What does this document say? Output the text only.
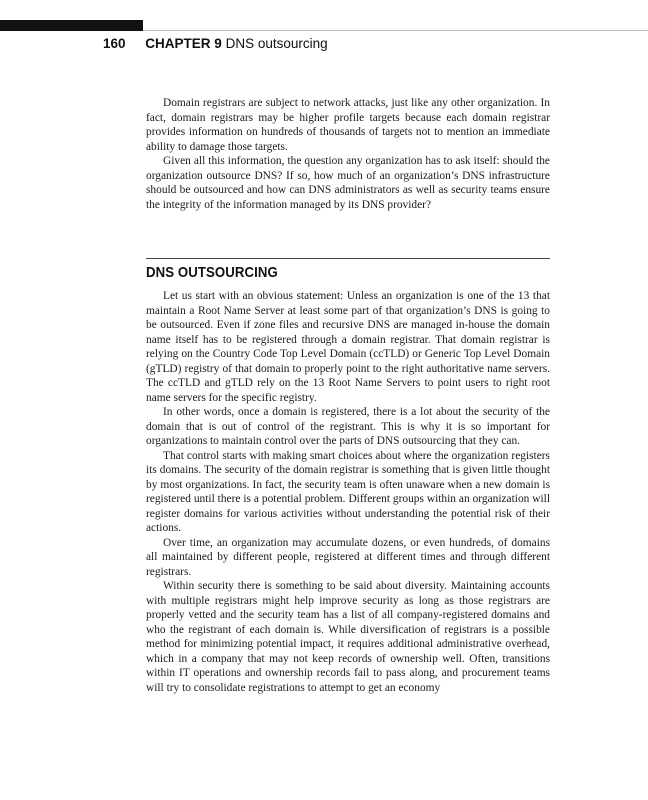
160 CHAPTER 9 DNS outsourcing

Domain registrars are subject to network attacks, just like any other organization. In fact, domain registrars may be higher profile targets because each domain registrar provides information on hundreds of thousands of targets not to mention an immediate ability to damage those targets.

Given all this information, the question any organization has to ask itself: should the organization outsource DNS? If so, how much of an organization’s DNS infrastructure should be outsourced and how can DNS administrators as well as security teams ensure the integrity of the information managed by its DNS provider?

DNS OUTSOURCING

Let us start with an obvious statement: Unless an organization is one of the 13 that maintain a Root Name Server at least some part of that organization’s DNS is going to be outsourced. Even if zone files and recursive DNS are managed in-house the domain name itself has to be registered through a domain registrar. That domain registrar is relying on the Country Code Top Level Domain (ccTLD) or Generic Top Level Domain (gTLD) registry of that domain to properly point to the right authoritative name servers. The ccTLD and gTLD rely on the 13 Root Name Servers to point users to right root name servers for the specific registry.

In other words, once a domain is registered, there is a lot about the security of the domain that is out of control of the registrant. This is why it is so important for organizations to maintain control over the parts of DNS outsourcing that they can.

That control starts with making smart choices about where the organization registers its domains. The security of the domain registrar is something that is given little thought by most organizations. In fact, the security team is often unaware when a new domain is registered until there is a potential problem. Different groups within an organization will register domains for various activities without understanding the potential risk of their actions.

Over time, an organization may accumulate dozens, or even hundreds, of domains all maintained by different people, registered at different times and through different registrars.

Within security there is something to be said about diversity. Maintaining accounts with multiple registrars might help improve security as long as those registrars are properly vetted and the security team has a list of all company-registered domains and who the registrant of each domain is. While diversification of registrars is a possible method for minimizing potential impact, it requires additional administrative overhead, which in a company that may not keep records of ownership well. Often, transitions within IT operations and ownership records fail to pass along, and procurement teams will try to consolidate registrations to attempt to get an economy
